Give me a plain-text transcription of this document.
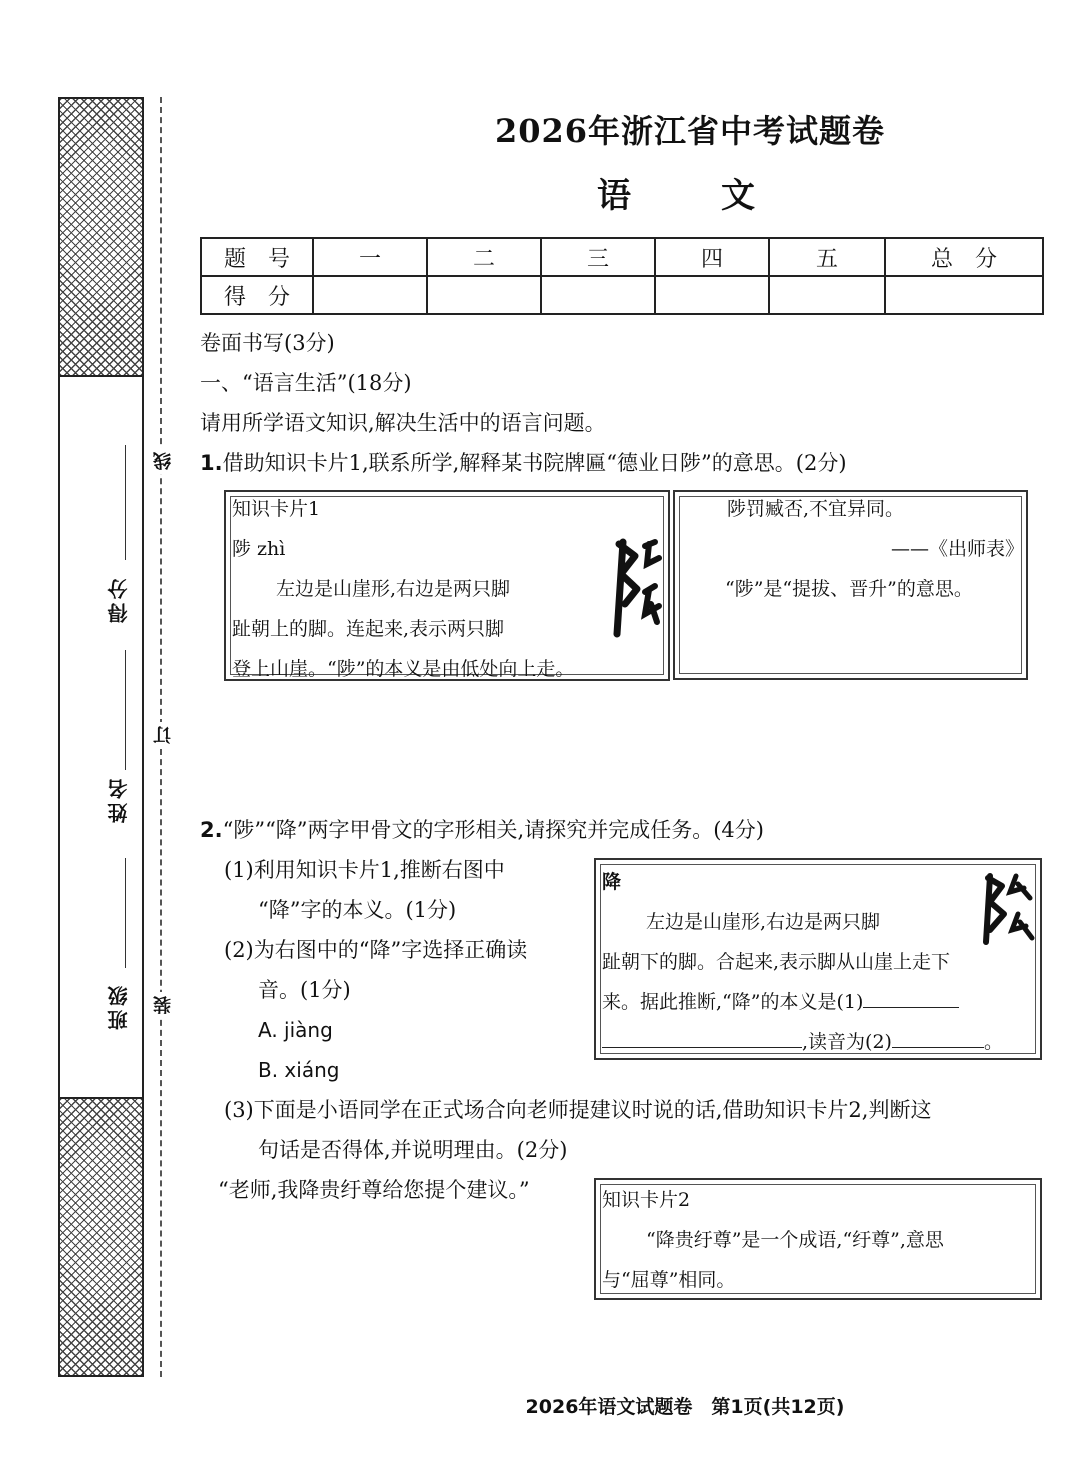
得分
姓名
班级
线
订
装
2026年浙江省中考试题卷
语　文
题　号	一	二	三	四	五	总　分
得　分						
卷面书写(3分)
一、“语言生活”(18分)
请用所学语文知识,解决生活中的语言问题。
1.借助知识卡片1,联系所学,解释某书院牌匾“德业日陟”的意思。(2分)
知识卡片1
陟 zhì
左边是山崖形,右边是两只脚
趾朝上的脚。连起来,表示两只脚
登上山崖。“陟”的本义是由低处向上走。
陟罚臧否,不宜异同。
——《出师表》
“陟”是“提拔、晋升”的意思。
2.“陟”“降”两字甲骨文的字形相关,请探究并完成任务。(4分)
(1)利用知识卡片1,推断右图中
“降”字的本义。(1分)
(2)为右图中的“降”字选择正确读
音。(1分)
A. jiàng
B. xiáng
降
左边是山崖形,右边是两只脚
趾朝下的脚。合起来,表示脚从山崖上走下
来。据此推断,“降”的本义是(1)
,读音为(2)	。
(3)下面是小语同学在正式场合向老师提建议时说的话,借助知识卡片2,判断这
句话是否得体,并说明理由。(2分)
“老师,我降贵纡尊给您提个建议。”	知识卡片2
“降贵纡尊”是一个成语,“纡尊”,意思
与“屈尊”相同。
2026年语文试题卷　第1页(共12页)
